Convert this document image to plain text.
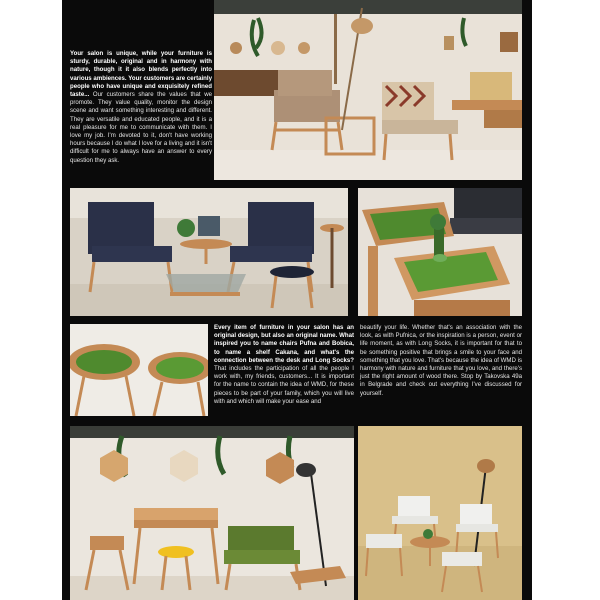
Your salon is unique, while your furniture is sturdy, durable, original and in harmony with nature, though it it also blends perfectly into various ambiences. Your customers are certainly people who have unique and exquisitely refined taste... Our customers share the values that we promote. They value quality, monitor the design scene and want something interesting and different. They are versatile and educated people, and it is a real pleasure for me to communicate with them. I love my job. I'm devoted to it, don't have working hours because I do what I love for a living and it isn't difficult for me to always have an answer to every question they ask.

Every item of furniture in your salon has an original design, but also an original name. What inspired you to name chairs Pufna and Bobica, to name a shelf Cakana, and what's the connection between the desk and Long Socks? That includes the participation of all the people I work with, my friends, customers... It is important for the name to contain the idea of WMD, for these pieces to be part of your family, which you will live with and which will make your ease and

beautify your life. Whether that's an association with the look, as with Pufnica, or the inspiration is a person, event or life moment, as with Long Socks, it is important for that to be something positive that brings a smile to your face and something that you love. That's because the idea of WMD is harmony with nature and furniture that you love, and there's just the right amount of wood there. Stop by Takovska 49a in Belgrade and check out everything I've discussed for yourself.
